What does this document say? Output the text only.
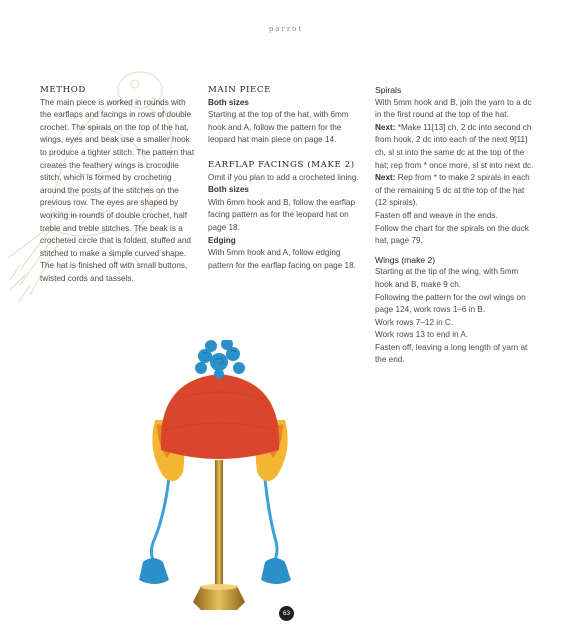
parrot

METHOD

The main piece is worked in rounds with the earflaps and facings in rows of double crochet. The spirals on the top of the hat, wings, eyes and beak use a smaller hook to produce a tighter stitch. The pattern that creates the feathery wings is crocodile stitch, which is formed by crocheting around the posts of the stitches on the previous row. The eyes are shaped by working in rounds of double crochet, half treble and treble stitches. The beak is a crocheted circle that is folded, stuffed and stitched to make a simple curved shape. The hat is finished off with small buttons, twisted cords and tassels.

MAIN PIECE

Both sizes

Starting at the top of the hat, with 6mm hook and A, follow the pattern for the leopard hat main piece on page 14.

EARFLAP FACINGS (MAKE 2)

Omit if you plan to add a crocheted lining.

Both sizes

With 6mm hook and B, follow the earflap facing pattern as for the leopard hat on page 18.

Edging

With 5mm hook and A, follow edging pattern for the earflap facing on page 18.

Spirals

With 5mm hook and B, join the yarn to a dc in the first round at the top of the hat.

Next: *Make 11[13] ch, 2 dc into second ch from hook, 2 dc into each of the next 9[11] ch, sl st into the same dc at the top of the hat; rep from * once more, sl st into next dc.

Next: Rep from * to make 2 spirals in each of the remaining 5 dc at the top of the hat (12 spirals).

Fasten off and weave in the ends.

Follow the chart for the spirals on the duck hat, page 79.

Wings (make 2)

Starting at the tip of the wing, with 5mm hook and B, make 9 ch.

Following the pattern for the owl wings on page 124, work rows 1–6 in B.

Work rows 7–12 in C.

Work rows 13 to end in A.

Fasten off, leaving a long length of yarn at the end.

63
